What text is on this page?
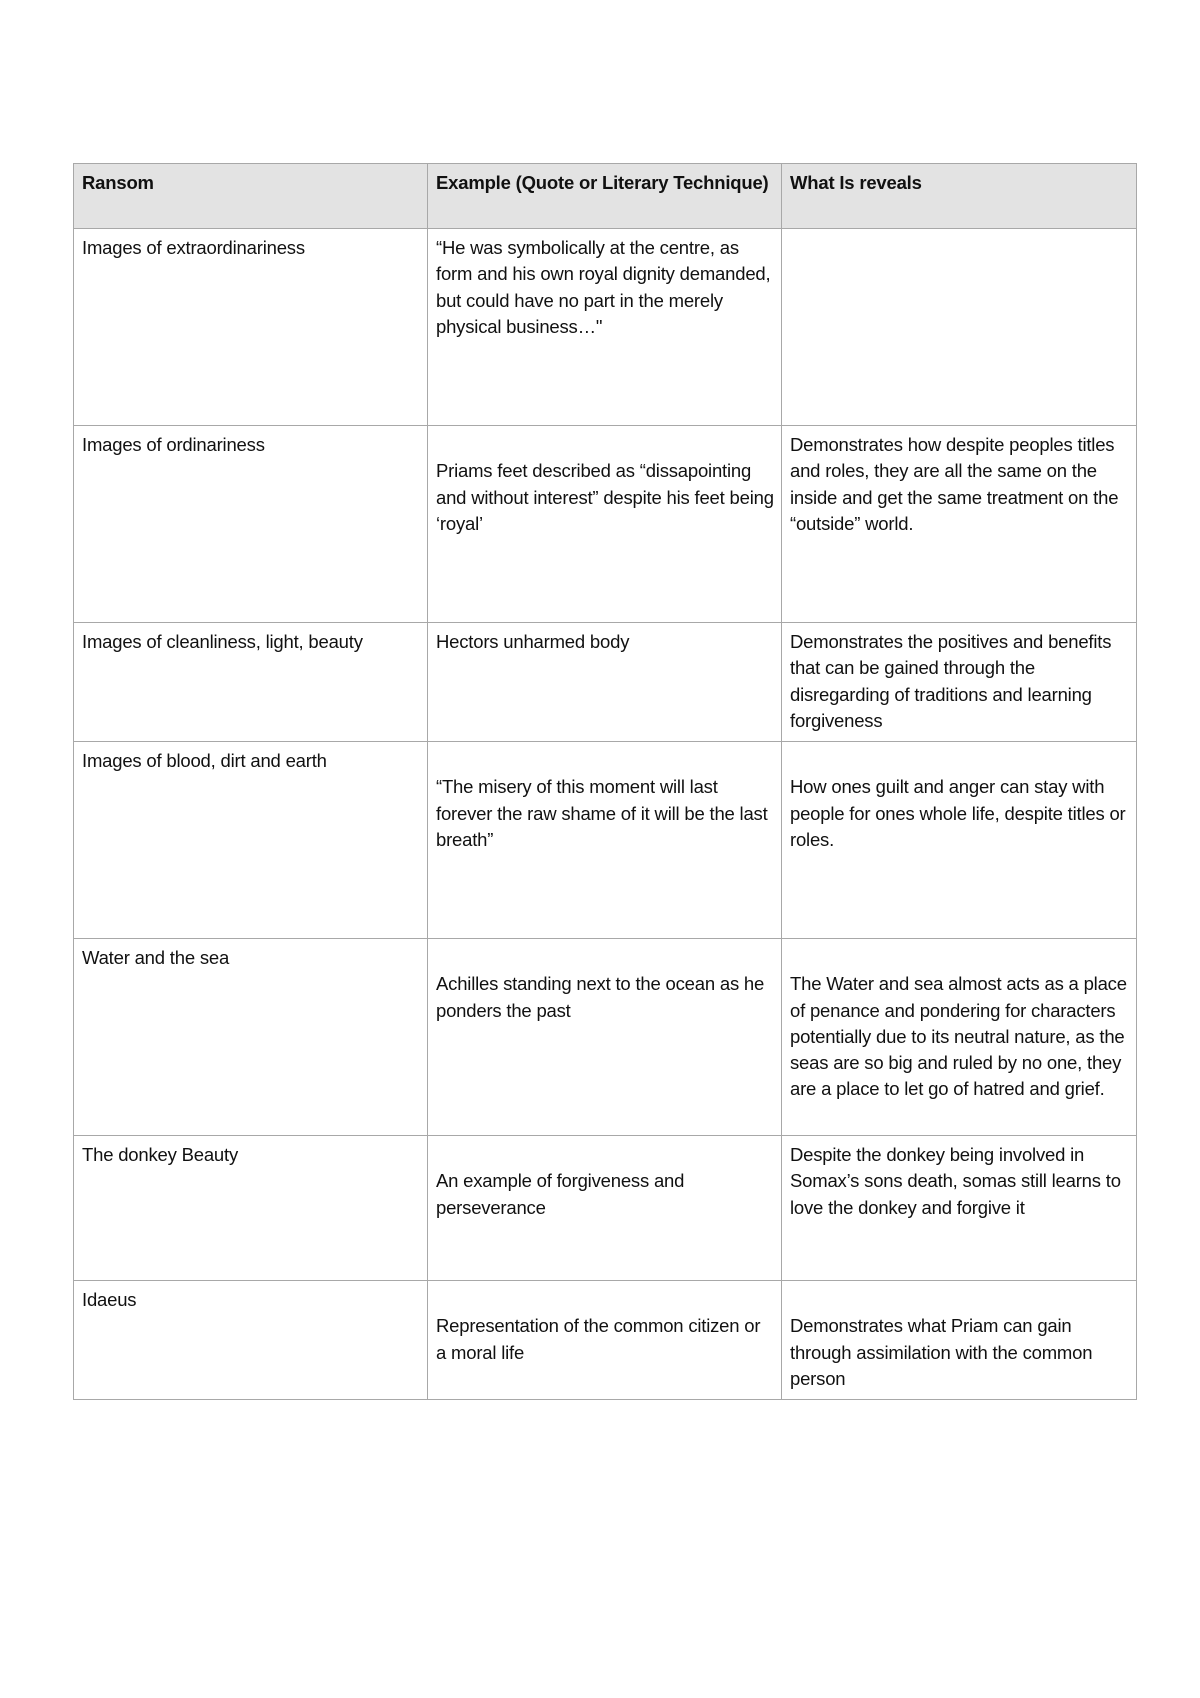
Ransom	Example (Quote or Literary Technique)	What Is reveals

Images of extraordinariness	“He was symbolically at the centre, as form and his own royal dignity demanded, but could have no part in the merely physical business…"	

Images of ordinariness	Priams feet described as “dissapointing and without interest” despite his feet being ‘royal’	Demonstrates how despite peoples titles and roles, they are all the same on the inside and get the same treatment on the “outside” world.

Images of cleanliness, light, beauty	Hectors unharmed body	Demonstrates the positives and benefits that can be gained through the disregarding of traditions and learning forgiveness

Images of blood, dirt and earth	“The misery of this moment will last forever the raw shame of it will be the last breath”	How ones guilt and anger can stay with people for ones whole life, despite titles or roles.

Water and the sea	Achilles standing next to the ocean as he ponders the past	The Water and sea almost acts as a place of penance and pondering for characters potentially due to its neutral nature, as the seas are so big and ruled by no one, they are a place to let go of hatred and grief.

The donkey Beauty	An example of forgiveness and perseverance	Despite the donkey being involved in Somax’s sons death, somas still learns to love the donkey and forgive it

Idaeus	Representation of the common citizen or a moral life	Demonstrates what Priam can gain through assimilation with the common person
